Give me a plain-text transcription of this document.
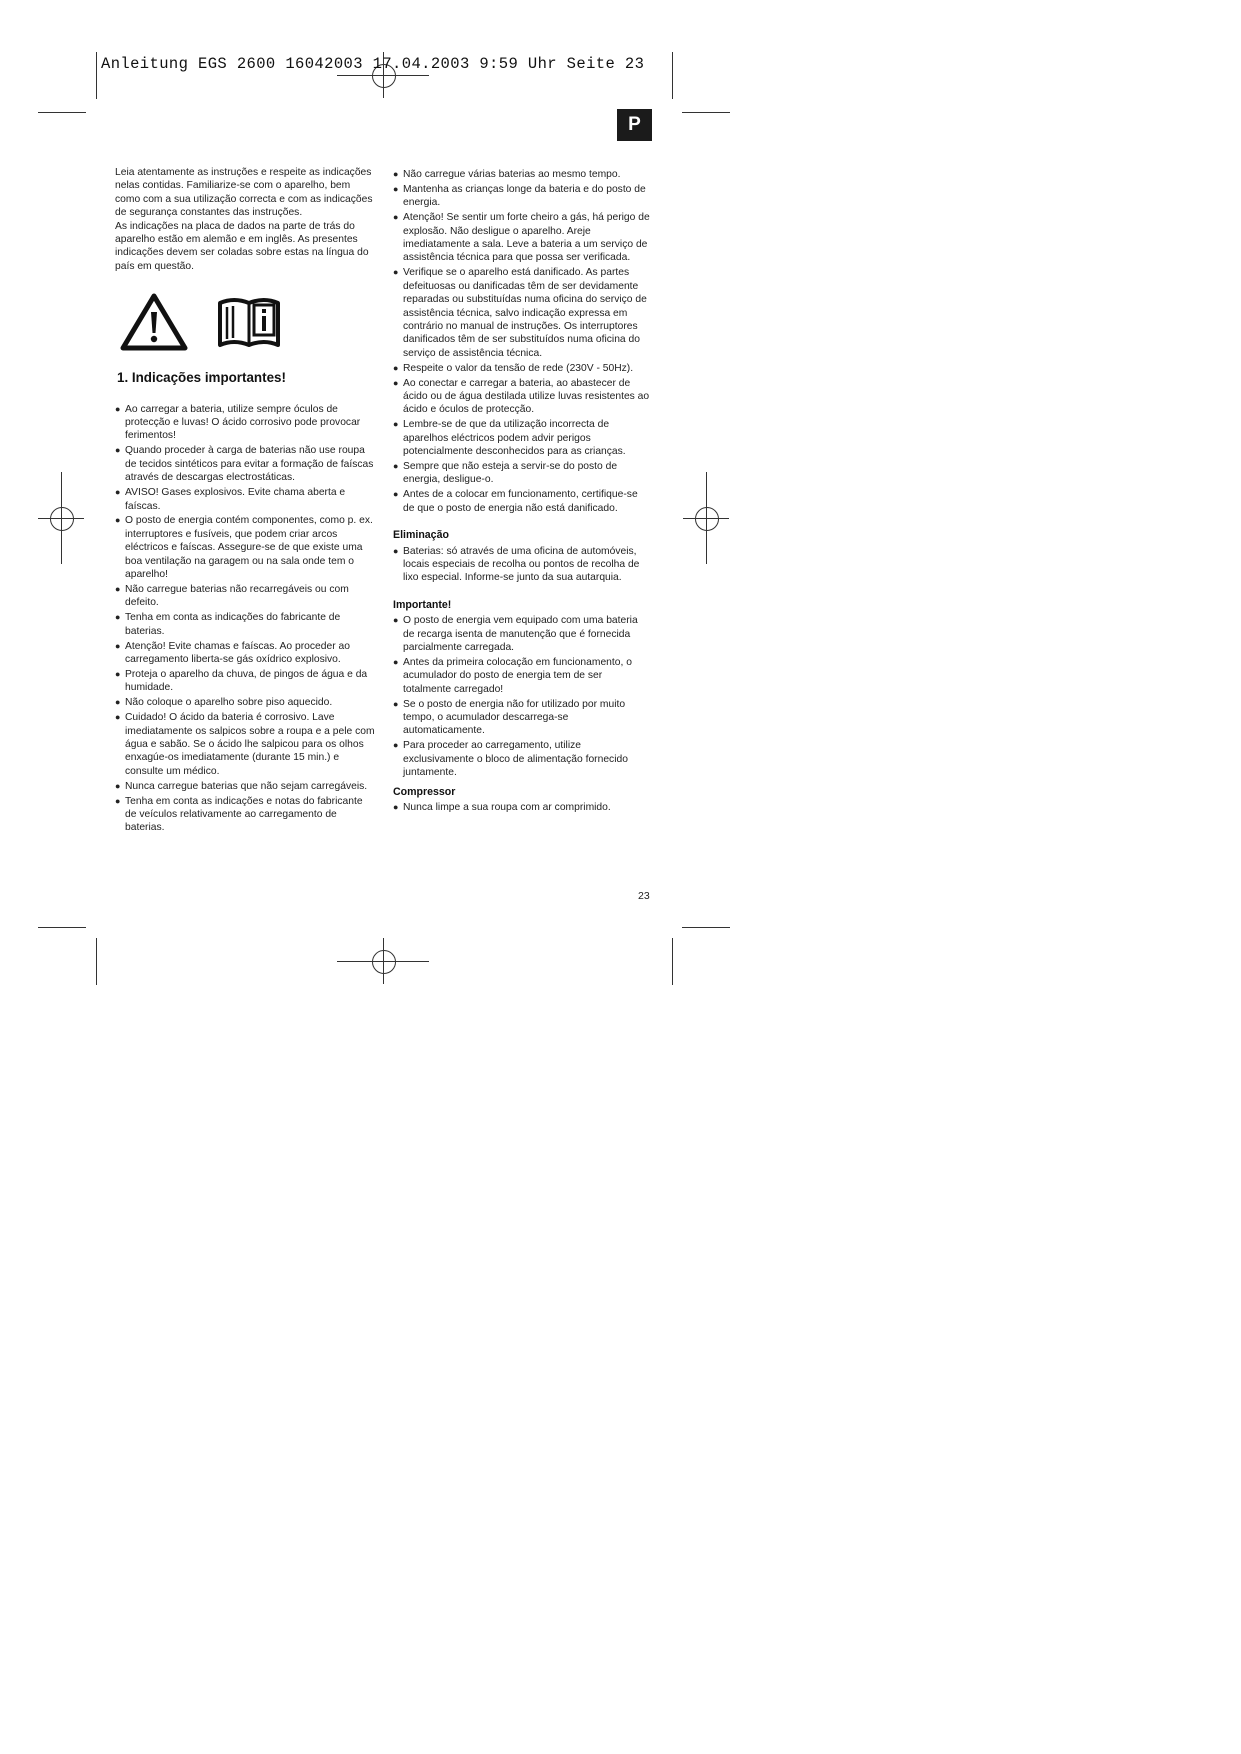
Anleitung EGS 2600 16042003 17.04.2003 9:59 Uhr Seite 23
P

Leia atentamente as instruções e respeite as indicações nelas contidas. Familiarize-se com o aparelho, bem como com a sua utilização correcta e com as indicações de segurança constantes das instruções.

As indicações na placa de dados na parte de trás do aparelho estão em alemão e em inglês. As presentes indicações devem ser coladas sobre estas na língua do país em questão.

1. Indicações importantes!
● Ao carregar a bateria, utilize sempre óculos de protecção e luvas! O ácido corrosivo pode provocar ferimentos!
● Quando proceder à carga de baterias não use roupa de tecidos sintéticos para evitar a formação de faíscas através de descargas electrostáticas.
● AVISO! Gases explosivos. Evite chama aberta e faíscas.
● O posto de energia contém componentes, como p. ex. interruptores e fusíveis, que podem criar arcos eléctricos e faíscas. Assegure-se de que existe uma boa ventilação na garagem ou na sala onde tem o aparelho!
● Não carregue baterias não recarregáveis ou com defeito.
● Tenha em conta as indicações do fabricante de baterias.
● Atenção! Evite chamas e faíscas. Ao proceder ao carregamento liberta-se gás oxídrico explosivo.
● Proteja o aparelho da chuva, de pingos de água e da humidade.
● Não coloque o aparelho sobre piso aquecido.
● Cuidado! O ácido da bateria é corrosivo. Lave imediatamente os salpicos sobre a roupa e a pele com água e sabão. Se o ácido lhe salpicou para os olhos enxagúe-os imediatamente (durante 15 min.) e consulte um médico.
● Nunca carregue baterias que não sejam carregáveis.
● Tenha em conta as indicações e notas do fabricante de veículos relativamente ao carregamento de baterias.
● Não carregue várias baterias ao mesmo tempo.
● Mantenha as crianças longe da bateria e do posto de energia.
● Atenção! Se sentir um forte cheiro a gás, há perigo de explosão. Não desligue o aparelho. Areje imediatamente a sala. Leve a bateria a um serviço de assistência técnica para que possa ser verificada.
● Verifique se o aparelho está danificado. As partes defeituosas ou danificadas têm de ser devidamente reparadas ou substituídas numa oficina do serviço de assistência técnica, salvo indicação expressa em contrário no manual de instruções. Os interruptores danificados têm de ser substituídos numa oficina do serviço de assistência técnica.
● Respeite o valor da tensão de rede (230V - 50Hz).
● Ao conectar e carregar a bateria, ao abastecer de ácido ou de água destilada utilize luvas resistentes ao ácido e óculos de protecção.
● Lembre-se de que da utilização incorrecta de aparelhos eléctricos podem advir perigos potencialmente desconhecidos para as crianças.
● Sempre que não esteja a servir-se do posto de energia, desligue-o.
● Antes de a colocar em funcionamento, certifique-se de que o posto de energia não está danificado.
Eliminação
● Baterias: só através de uma oficina de automóveis, locais especiais de recolha ou pontos de recolha de lixo especial. Informe-se junto da sua autarquia.
Importante!
● O posto de energia vem equipado com uma bateria de recarga isenta de manutenção que é fornecida parcialmente carregada.
● Antes da primeira colocação em funcionamento, o acumulador do posto de energia tem de ser totalmente carregado!
● Se o posto de energia não for utilizado por muito tempo, o acumulador descarrega-se automaticamente.
● Para proceder ao carregamento, utilize exclusivamente o bloco de alimentação fornecido juntamente.
Compressor
● Nunca limpe a sua roupa com ar comprimido.
23
